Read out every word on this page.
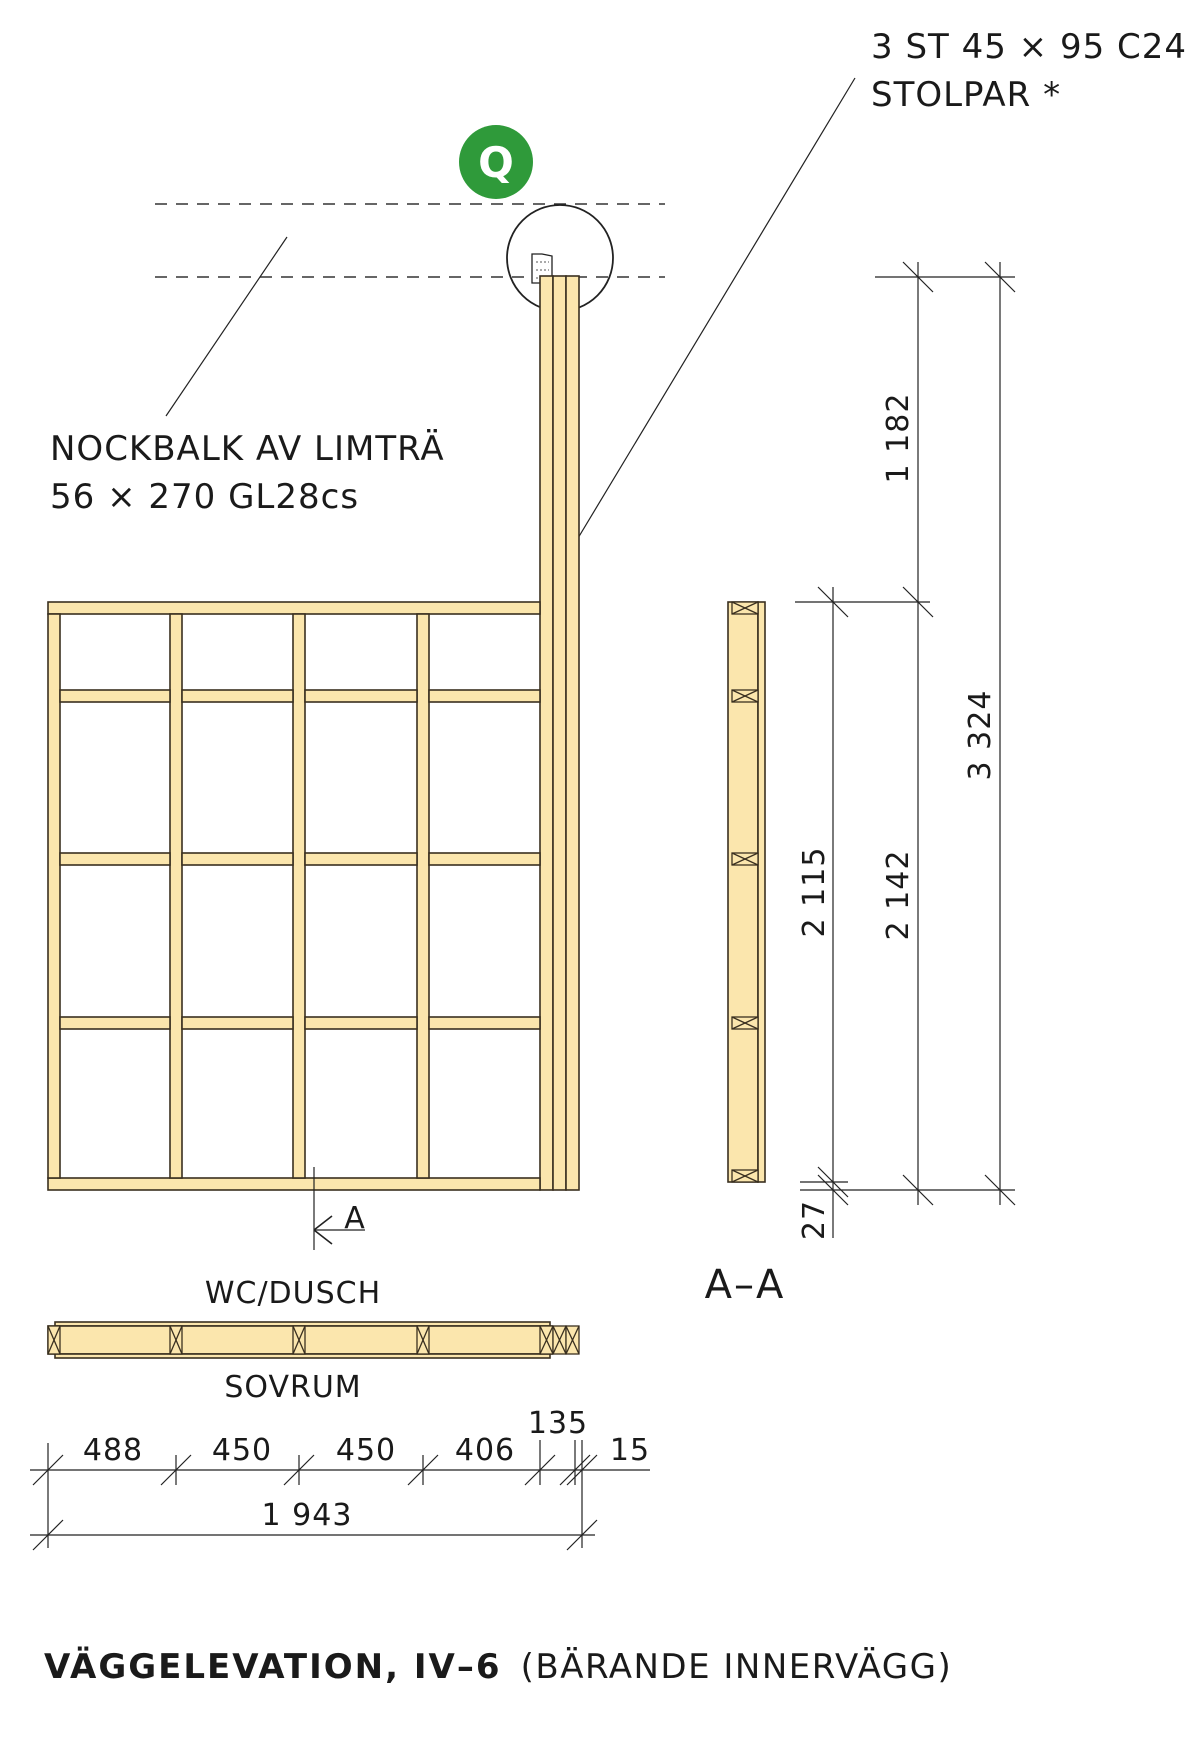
Q
3 ST 45 × 95 C24
STOLPAR *
NOCKBALK AV LIMTRÄ
56 × 270 GL28cs
A
A–A
1 182
3 324
2 142
2 115
27
WC/DUSCH
SOVRUM
488 450 450 406
135
15
1 943
VÄGGELEVATION, IV–6 (BÄRANDE INNERVÄGG)
